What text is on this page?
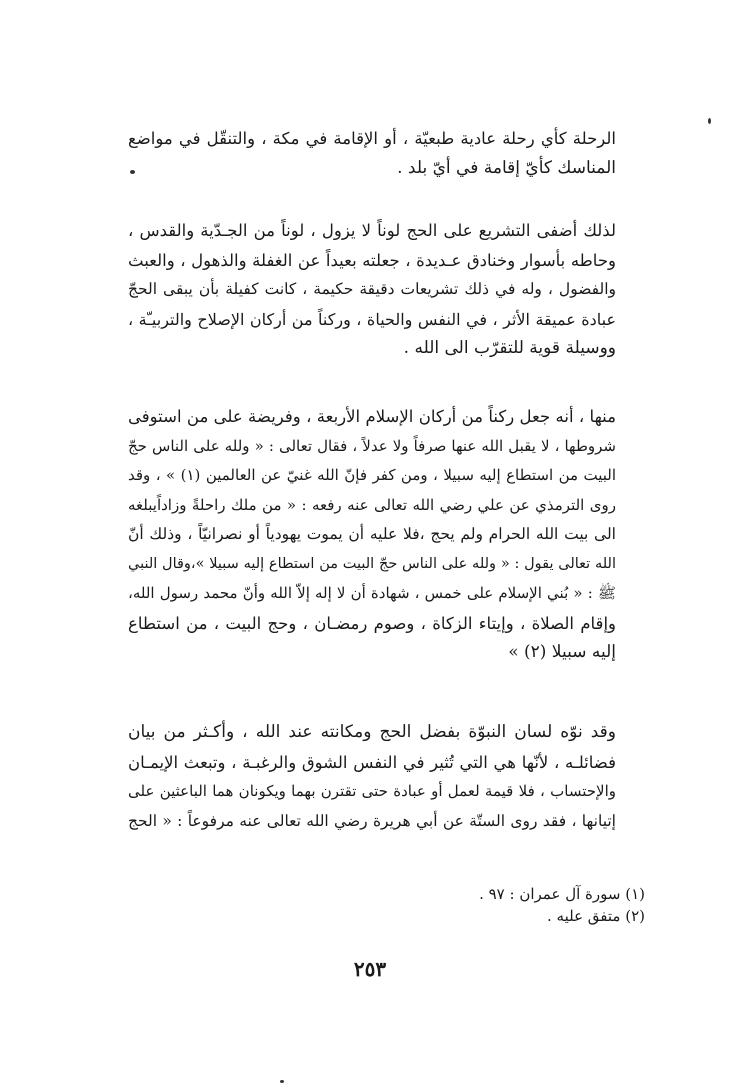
الرحلة كأي رحلة عادية طبعيّة ، أو الإقامة في مكة ، والتنقّل في مواضع
المناسك كأيّ إقامة في أيّ بلد .
لذلك أضفى التشريع على الحج لوناً لا يزول ، لوناً من الجـدّية والقدس ،
وحاطه بأسوار وخنادق عـديدة ، جعلته بعيداً عن الغفلة والذهول ، والعبث
والفضول ، وله في ذلك تشريعات دقيقة حكيمة ، كانت كفيلة بأن يبقى الحجّ
عبادة عميقة الأثر ، في النفس والحياة ، وركناً من أركان الإصلاح والتربيـّة ،
ووسيلة قوية للتقرّب الى الله .
منها ، أنه جعل ركناً من أركان الإسلام الأربعة ، وفريضة على من استوفى
شروطها ، لا يقبل الله عنها صرفاً ولا عدلاً ، فقال تعالى : « ولله على الناس حجّ
البيت من استطاع إليه سبيلا ، ومن كفر فإنّ الله غنيّ عن العالمين (١) » ، وقد
روى الترمذي عن علي رضي الله تعالى عنه رفعه : « من ملك راحلةً وزاداًيبلغه
الى بيت الله الحرام ولم يحج ،فلا عليه أن يموت يهودياً أو نصرانيّاً ، وذلك أنّ
الله تعالى يقول : « ولله على الناس حجّ البيت من استطاع إليه سبيلا »،وقال النبي
ﷺ : « بُني الإسلام على خمس ، شهادة أن لا إله إلاّ الله وأنّ محمد رسول الله،
وإقام الصلاة ، وإيتاء الزكاة ، وصوم رمضـان ، وحج البيت ، من استطاع
إليه سبيلا (٢) »
وقد نوّه لسان النبوّة بفضل الحج ومكانته عند الله ، وأكـثر من بيان
فضائلـه ، لأنّها هي التي تُثير في النفس الشوق والرغبـة ، وتبعث الإيمـان
والإحتساب ، فلا قيمة لعمل أو عبادة حتى تقترن بهما ويكونان هما الباعثين على
إتيانها ، فقد روى الستّة عن أبي هريرة رضي الله تعالى عنه مرفوعاً : « الحج
(١) سورة آل عمران : ٩٧ .
(٢) متفق عليه .
٢٥٣
